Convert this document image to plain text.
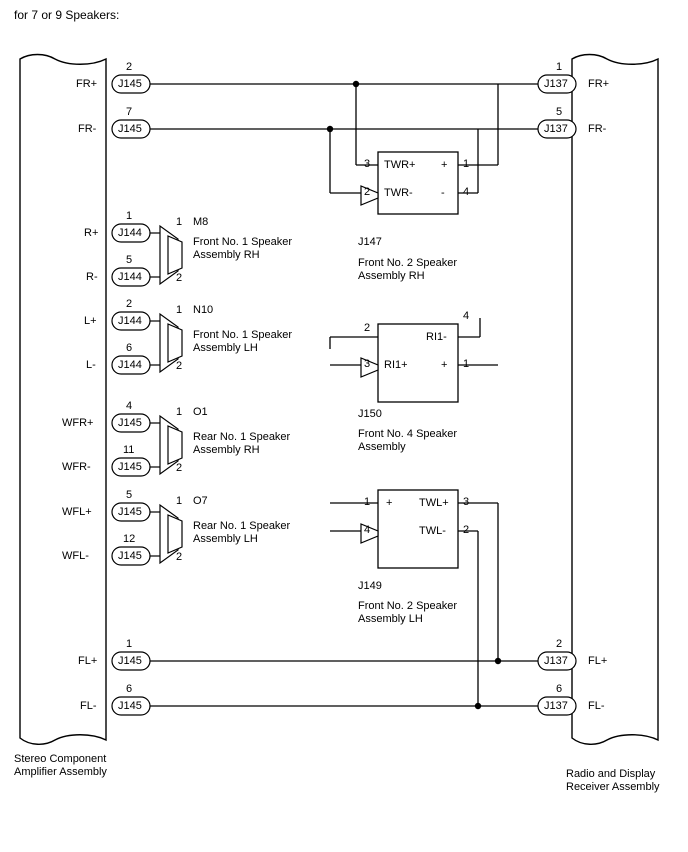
for 7 or 9 Speakers:
FR+
2
J145
FR-
7
J145
R+
1
J144
R-
5
J144
L+
2
J144
L-
6
J144
WFR+
4
J145
WFR-
11
J145
WFL+
5
J145
WFL-
12
J145
FL+
1
J145
FL-
6
J145
FR+
1
J137
FR-
5
J137
FL+
2
J137
FL-
6
J137
1
2
M8
Front No. 1 Speaker
Assembly RH
1
2
N10
Front No. 1 Speaker
Assembly LH
1
2
O1
Rear No. 1 Speaker
Assembly RH
1
2
O7
Rear No. 1 Speaker
Assembly LH
3
2
TWR+
TWR-
+
-
1
4
J147
Front No. 2 Speaker
Assembly RH
2
3 RI1+
RI1-
+
4
1
J150
Front No. 4 Speaker
Assembly
1
4
+ TWL+
TWL-
3
2
J149
Front No. 2 Speaker
Assembly LH
Stereo Component
Amplifier Assembly	Radio and Display
Receiver Assembly
